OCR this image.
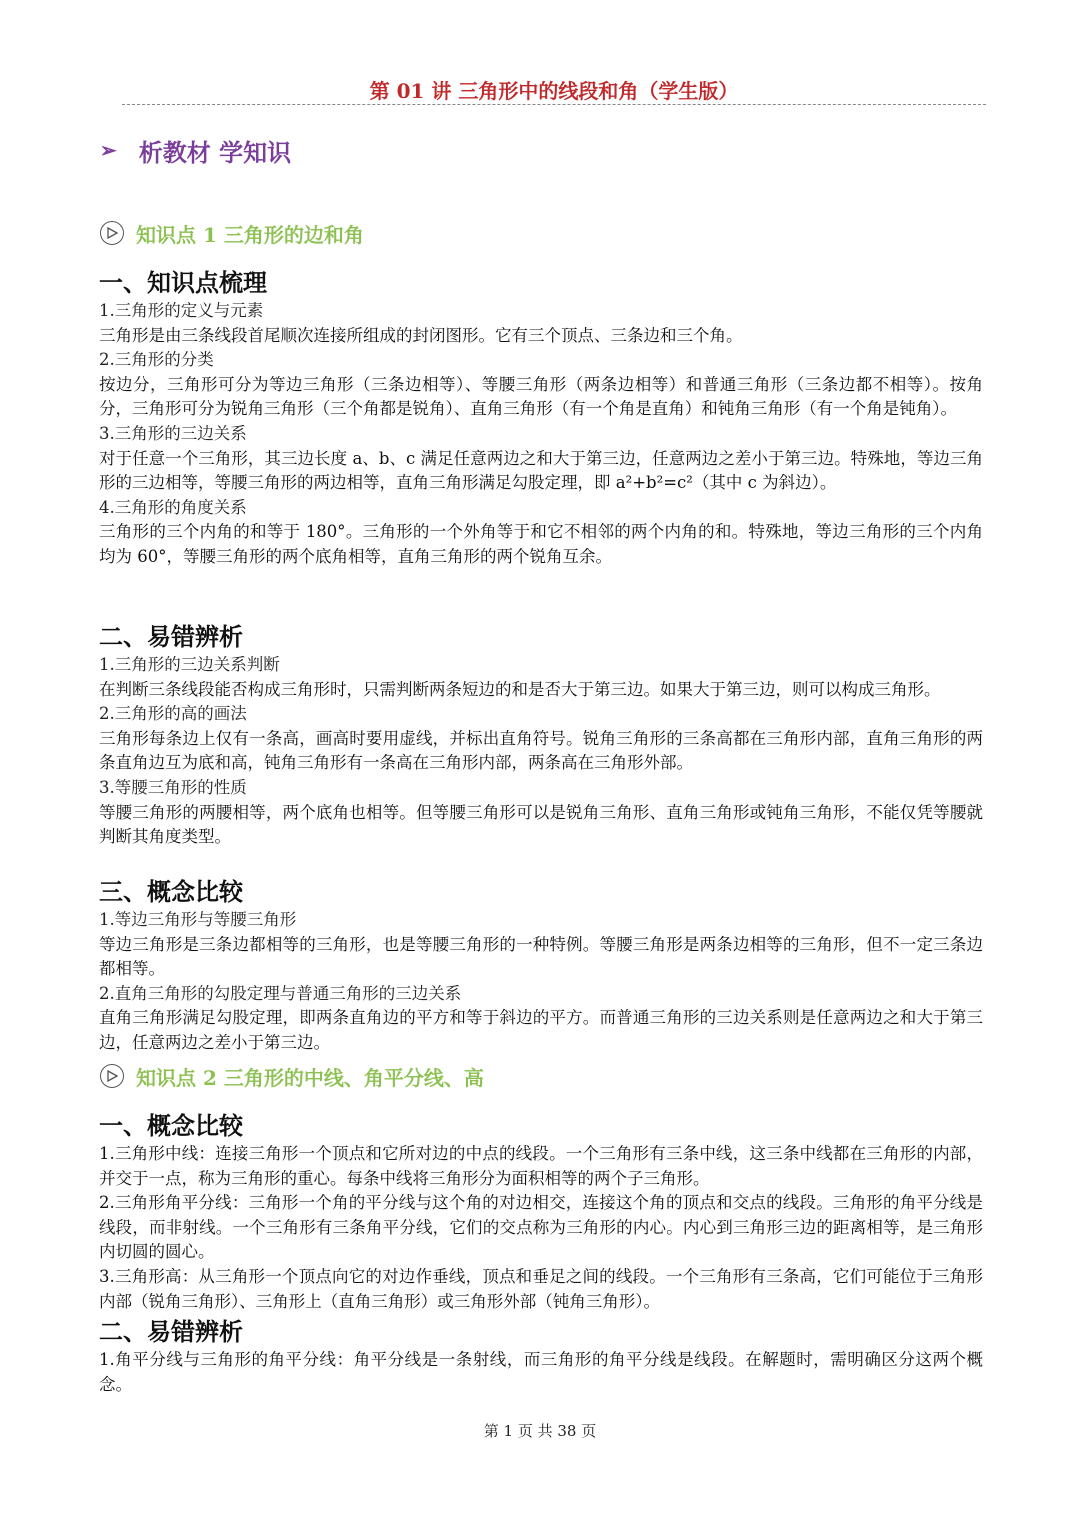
第 01 讲 三角形中的线段和角（学生版）
➢ 析教材 学知识
知识点 1 三角形的边和角

一、知识点梳理

1.三角形的定义与元素

三角形是由三条线段首尾顺次连接所组成的封闭图形。它有三个顶点、三条边和三个角。

2.三角形的分类

按边分，三角形可分为等边三角形（三条边相等）、等腰三角形（两条边相等）和普通三角形（三条边都不相等）。按角分，三角形可分为锐角三角形（三个角都是锐角）、直角三角形（有一个角是直角）和钝角三角形（有一个角是钝角）。

3.三角形的三边关系

对于任意一个三角形，其三边长度 a、b、c 满足任意两边之和大于第三边，任意两边之差小于第三边。特殊地，等边三角形的三边相等，等腰三角形的两边相等，直角三角形满足勾股定理，即 a²+b²=c²（其中 c 为斜边）。

4.三角形的角度关系

三角形的三个内角的和等于 180°。三角形的一个外角等于和它不相邻的两个内角的和。特殊地，等边三角形的三个内角均为 60°，等腰三角形的两个底角相等，直角三角形的两个锐角互余。

二、易错辨析

1.三角形的三边关系判断

在判断三条线段能否构成三角形时，只需判断两条短边的和是否大于第三边。如果大于第三边，则可以构成三角形。

2.三角形的高的画法

三角形每条边上仅有一条高，画高时要用虚线，并标出直角符号。锐角三角形的三条高都在三角形内部，直角三角形的两条直角边互为底和高，钝角三角形有一条高在三角形内部，两条高在三角形外部。

3.等腰三角形的性质

等腰三角形的两腰相等，两个底角也相等。但等腰三角形可以是锐角三角形、直角三角形或钝角三角形，不能仅凭等腰就判断其角度类型。

三、概念比较

1.等边三角形与等腰三角形

等边三角形是三条边都相等的三角形，也是等腰三角形的一种特例。等腰三角形是两条边相等的三角形，但不一定三条边都相等。

2.直角三角形的勾股定理与普通三角形的三边关系

直角三角形满足勾股定理，即两条直角边的平方和等于斜边的平方。而普通三角形的三边关系则是任意两边之和大于第三边，任意两边之差小于第三边。

知识点 2 三角形的中线、角平分线、高

一、概念比较

1.三角形中线：连接三角形一个顶点和它所对边的中点的线段。一个三角形有三条中线，这三条中线都在三角形的内部，并交于一点，称为三角形的重心。每条中线将三角形分为面积相等的两个子三角形。

2.三角形角平分线：三角形一个角的平分线与这个角的对边相交，连接这个角的顶点和交点的线段。三角形的角平分线是线段，而非射线。一个三角形有三条角平分线，它们的交点称为三角形的内心。内心到三角形三边的距离相等，是三角形内切圆的圆心。

3.三角形高：从三角形一个顶点向它的对边作垂线，顶点和垂足之间的线段。一个三角形有三条高，它们可能位于三角形内部（锐角三角形）、三角形上（直角三角形）或三角形外部（钝角三角形）。

二、易错辨析

1.角平分线与三角形的角平分线：角平分线是一条射线，而三角形的角平分线是线段。在解题时，需明确区分这两个概念。

第 1 页 共 38 页
